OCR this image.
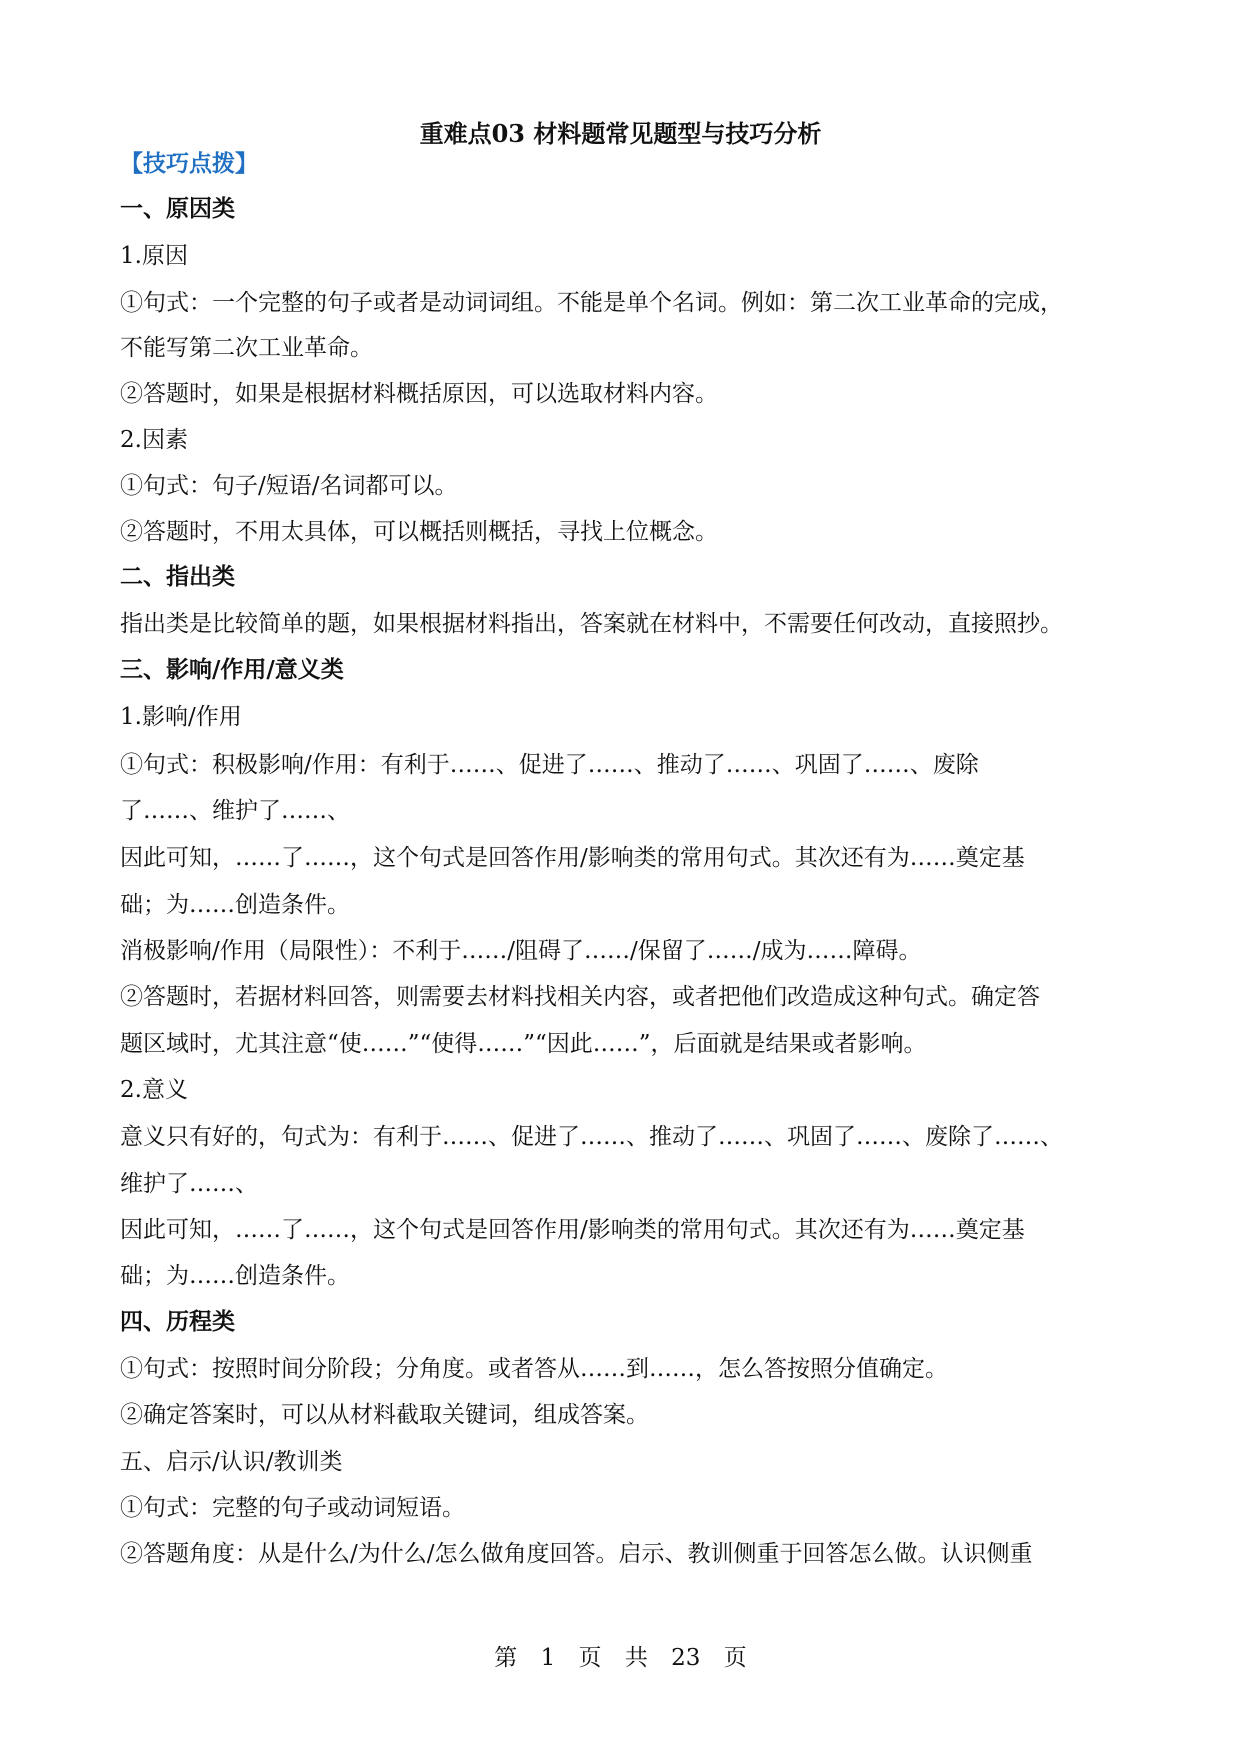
重难点03 材料题常见题型与技巧分析
【技巧点拨】
一、原因类
1.原因
①句式：一个完整的句子或者是动词词组。不能是单个名词。例如：第二次工业革命的完成，
不能写第二次工业革命。
②答题时，如果是根据材料概括原因，可以选取材料内容。
2.因素
①句式：句子/短语/名词都可以。
②答题时，不用太具体，可以概括则概括，寻找上位概念。
二、指出类
指出类是比较简单的题，如果根据材料指出，答案就在材料中，不需要任何改动，直接照抄。
三、影响/作用/意义类
1.影响/作用
①句式：积极影响/作用：有利于……、促进了……、推动了……、巩固了……、废除
了……、维护了……、
因此可知，……了……，这个句式是回答作用/影响类的常用句式。其次还有为……奠定基
础；为……创造条件。
消极影响/作用（局限性）：不利于……/阻碍了……/保留了……/成为……障碍。
②答题时，若据材料回答，则需要去材料找相关内容，或者把他们改造成这种句式。确定答
题区域时，尤其注意“使……”“使得……”“因此……”，后面就是结果或者影响。
2.意义
意义只有好的，句式为：有利于……、促进了……、推动了……、巩固了……、废除了……、
维护了……、
因此可知，……了……，这个句式是回答作用/影响类的常用句式。其次还有为……奠定基
础；为……创造条件。
四、历程类
①句式：按照时间分阶段；分角度。或者答从……到……，怎么答按照分值确定。
②确定答案时，可以从材料截取关键词，组成答案。
五、启示/认识/教训类
①句式：完整的句子或动词短语。
②答题角度：从是什么/为什么/怎么做角度回答。启示、教训侧重于回答怎么做。认识侧重
第 1 页 共 23 页
